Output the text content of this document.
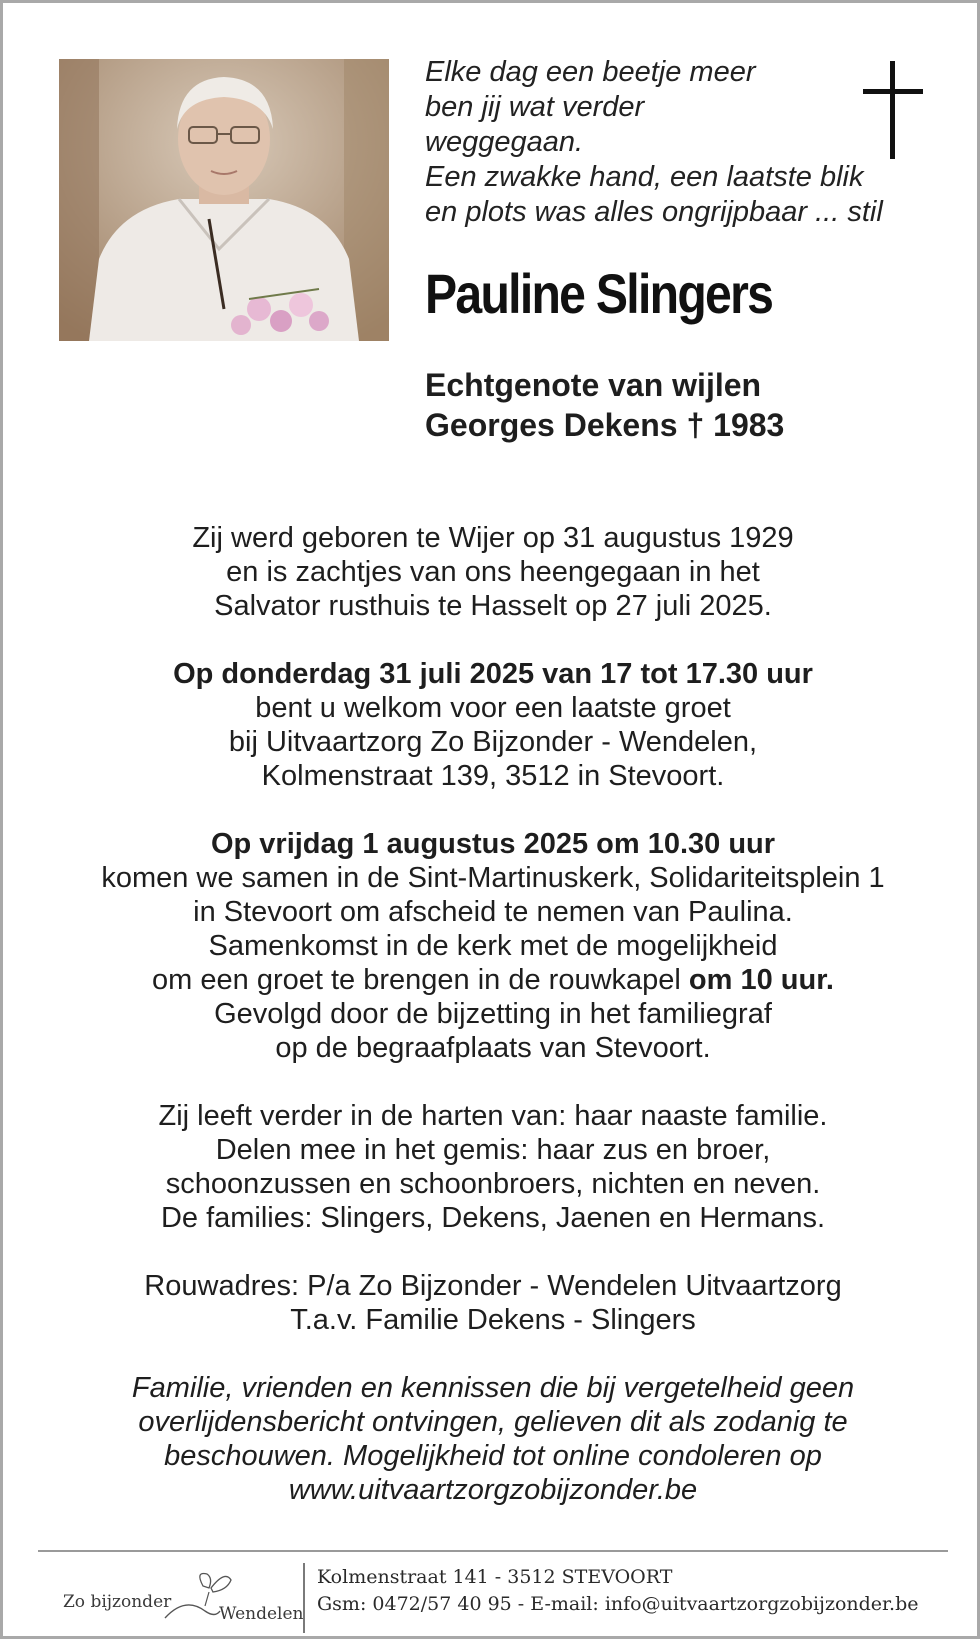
Elke dag een beetje meer
ben jij wat verder
weggegaan.
Een zwakke hand, een laatste blik
en plots was alles ongrijpbaar ... stil
Pauline Slingers
Echtgenote van wijlen
Georges Dekens † 1983
Zij werd geboren te Wijer op 31 augustus 1929
en is zachtjes van ons heengegaan in het
Salvator rusthuis te Hasselt op 27 juli 2025.
Op donderdag 31 juli 2025 van 17 tot 17.30 uur
bent u welkom voor een laatste groet
bij Uitvaartzorg Zo Bijzonder - Wendelen,
Kolmenstraat 139, 3512 in Stevoort.
Op vrijdag 1 augustus 2025 om 10.30 uur
komen we samen in de Sint-Martinuskerk, Solidariteitsplein 1
in Stevoort om afscheid te nemen van Paulina.
Samenkomst in de kerk met de mogelijkheid
om een groet te brengen in de rouwkapel om 10 uur.
Gevolgd door de bijzetting in het familiegraf
op de begraafplaats van Stevoort.
Zij leeft verder in de harten van: haar naaste familie.
Delen mee in het gemis: haar zus en broer,
schoonzussen en schoonbroers, nichten en neven.
De families: Slingers, Dekens, Jaenen en Hermans.
Rouwadres: P/a Zo Bijzonder - Wendelen Uitvaartzorg
T.a.v. Familie Dekens - Slingers
Familie, vrienden en kennissen die bij vergetelheid geen
overlijdensbericht ontvingen, gelieven dit als zodanig te
beschouwen. Mogelijkheid tot online condoleren op
www.uitvaartzorgzobijzonder.be
Zo bijzonder
Wendelen
Kolmenstraat 141 - 3512 STEVOORT
Gsm: 0472/57 40 95 - E-mail: info@uitvaartzorgzobijzonder.be
